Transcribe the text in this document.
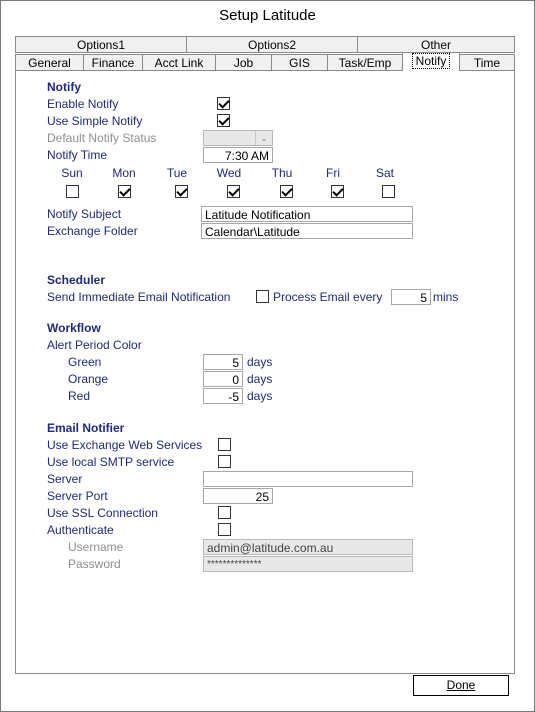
Setup Latitude
Options1	Options2	Other
General	Finance	Acct Link	Job	GIS	Task/Emp	Notify	Time
Notify
Enable Notify
Use Simple Notify
Default Notify Status	⌄
Notify Time	7:30 AM
Sun	Mon	Tue	Wed	Thu	Fri	Sat
Notify Subject	Latitude Notification
Exchange Folder	Calendar\Latitude
Scheduler
Send Immediate Email Notification	Process Email every	5 mins
Workflow
Alert Period Color
Green	5 days
Orange	0 days
Red	-5 days
Email Notifier
Use Exchange Web Services
Use local SMTP service
Server
Server Port	25
Use SSL Connection
Authenticate
Username	admin@latitude.com.au
Password	**************
Done
